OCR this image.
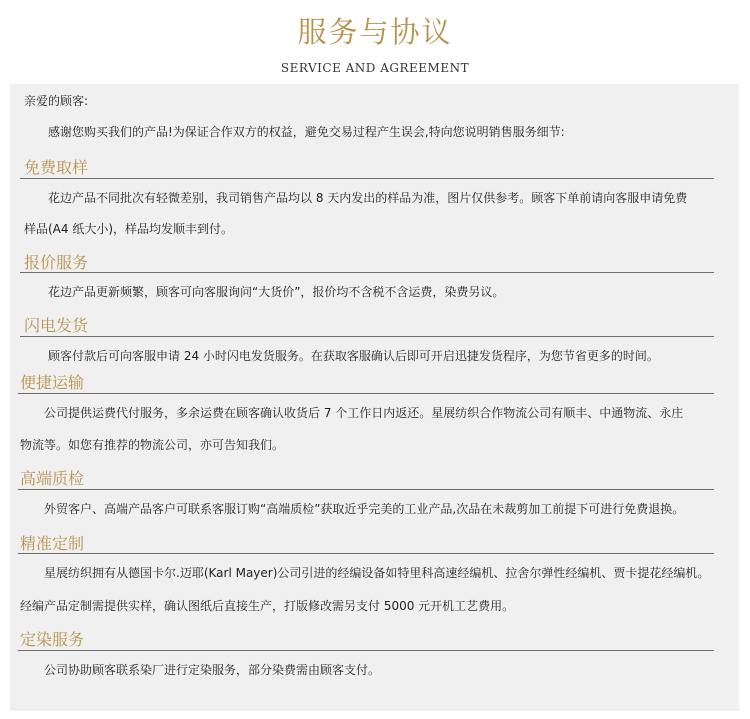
服务与协议
SERVICE AND AGREEMENT
亲爱的顾客:
感谢您购买我们的产品!为保证合作双方的权益，避免交易过程产生误会,特向您说明销售服务细节:
免费取样
花边产品不同批次有轻微差别，我司销售产品均以 8 天内发出的样品为准，图片仅供参考。顾客下单前请向客服申请免费
样品(A4 纸大小)，样品均发顺丰到付。
报价服务
花边产品更新频繁，顾客可向客服询问“大货价”，报价均不含税不含运费，染费另议。
闪电发货
顾客付款后可向客服申请 24 小时闪电发货服务。在获取客服确认后即可开启迅捷发货程序，为您节省更多的时间。
便捷运输
公司提供运费代付服务，多余运费在顾客确认收货后 7 个工作日内返还。星展纺织合作物流公司有顺丰、中通物流、永庄
物流等。如您有推荐的物流公司，亦可告知我们。
高端质检
外贸客户、高端产品客户可联系客服订购“高端质检”获取近乎完美的工业产品,次品在未裁剪加工前提下可进行免费退换。
精准定制
星展纺织拥有从德国卡尔.迈耶(Karl Mayer)公司引进的经编设备如特里科高速经编机、拉舍尔弹性经编机、贾卡提花经编机。
经编产品定制需提供实样，确认图纸后直接生产，打版修改需另支付 5000 元开机工艺费用。
定染服务
公司协助顾客联系染厂进行定染服务，部分染费需由顾客支付。
